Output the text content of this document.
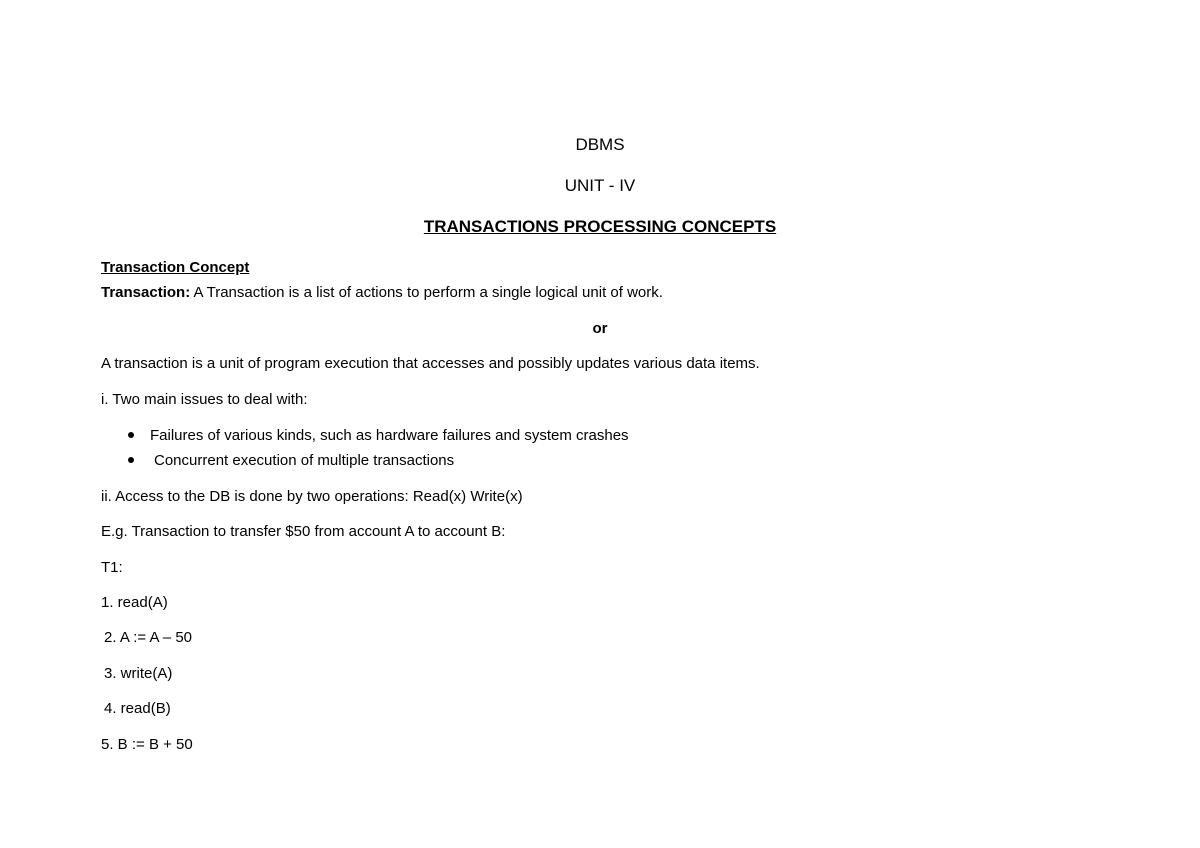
DBMS
UNIT - IV
TRANSACTIONS PROCESSING CONCEPTS
Transaction Concept
Transaction: A Transaction is a list of actions to perform a single logical unit of work.
or
A transaction is a unit of program execution that accesses and possibly updates various data items.
i. Two main issues to deal with:
Failures of various kinds, such as hardware failures and system crashes
Concurrent execution of multiple transactions
ii. Access to the DB is done by two operations: Read(x) Write(x)
E.g. Transaction to transfer $50 from account A to account B:
T1:
1. read(A)
2. A := A – 50
3. write(A)
4. read(B)
5. B := B + 50
